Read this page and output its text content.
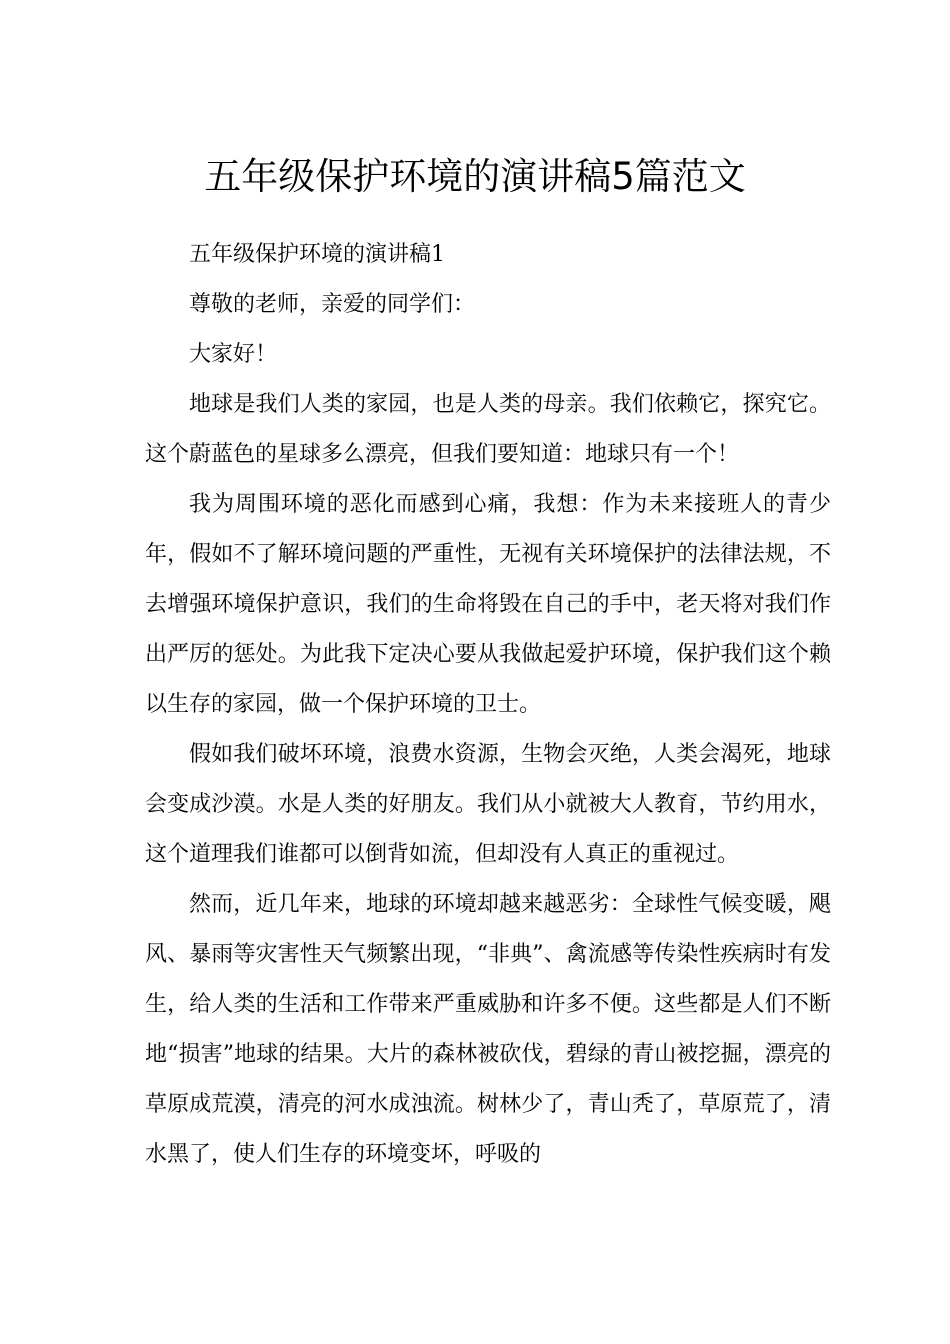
五年级保护环境的演讲稿5篇范文

五年级保护环境的演讲稿1

尊敬的老师，亲爱的同学们：

大家好！

地球是我们人类的家园，也是人类的母亲。我们依赖它，探究它。这个蔚蓝色的星球多么漂亮，但我们要知道：地球只有一个！

我为周围环境的恶化而感到心痛，我想：作为未来接班人的青少年，假如不了解环境问题的严重性，无视有关环境保护的法律法规，不去增强环境保护意识，我们的生命将毁在自己的手中，老天将对我们作出严厉的惩处。为此我下定决心要从我做起爱护环境，保护我们这个赖以生存的家园，做一个保护环境的卫士。

假如我们破坏环境，浪费水资源，生物会灭绝，人类会渴死，地球会变成沙漠。水是人类的好朋友。我们从小就被大人教育，节约用水，这个道理我们谁都可以倒背如流，但却没有人真正的重视过。

然而，近几年来，地球的环境却越来越恶劣：全球性气候变暖，飓风、暴雨等灾害性天气频繁出现，“非典”、禽流感等传染性疾病时有发生，给人类的生活和工作带来严重威胁和许多不便。这些都是人们不断地“损害”地球的结果。大片的森林被砍伐，碧绿的青山被挖掘，漂亮的草原成荒漠，清亮的河水成浊流。树林少了，青山秃了，草原荒了，清水黑了，使人们生存的环境变坏，呼吸的
